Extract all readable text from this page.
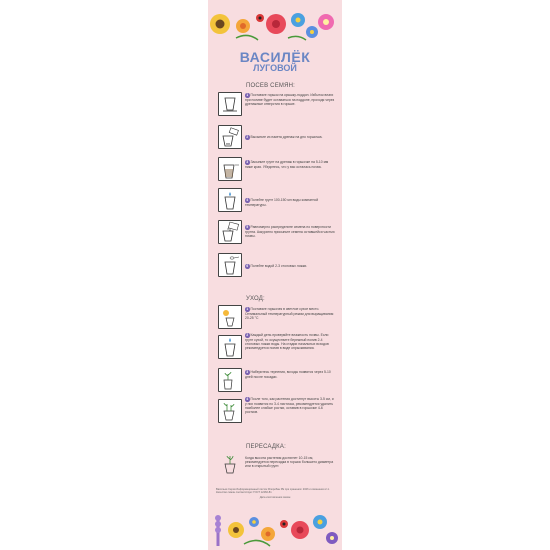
ВАСИЛЁК
ЛУГОВОЙ
ПОСЕВ СЕМЯН:
1 Поставьте горшок на крышку-поддон. Избыток влаги при поливе будет оставаться на поддоне, проходя через дренажные отверстия в горшке.
2 Высыпьте из пакета дренаж на дно горшочка.
3 Засыпьте грунт на дренаж в горшочке на 5-10 мм ниже края. Убедитесь, что у вас осталась почва.
4 Полейте грунт 100-150 мл воды комнатной температуры.
5 Равномерно распределите семена по поверхности грунта. Аккуратно присыпьте семена оставшейся частью почвы.
6 Полейте водой 2-3 столовых ложки.
УХОД:
1 Поставьте горшочек в светлое сухое место. Оптимальный температурный режим для выращивания 20-25 °С
2 Каждый день проверяйте влажность почвы. Если грунт сухой, то осуществите бережный полив 2-4 столовых ложки воды. На стадии начальных всходов рекомендуется полив в виде опрыскивания.
3 Наберитесь терпения, всходы появятся через 5-10 дней после посадки.
4 После того, как растения достигнут высоты 3-5 см, и у них появится по 3-4 листочка, рекомендуется удалить наиболее слабые ростки, оставив в горшочке 4-6 ростков.
ПЕРЕСАДКА:
Когда высота растения достигнет 10-15 см, рекомендуется пересадка в горшок большего диаметра или в открытый грунт.
Васильки Серия Информационный листок Флорибан РЕ при хранении: 2026 и изменения 2-1. Качество семян соответствует ГОСТ 12260-81
Дата изготовления семян
